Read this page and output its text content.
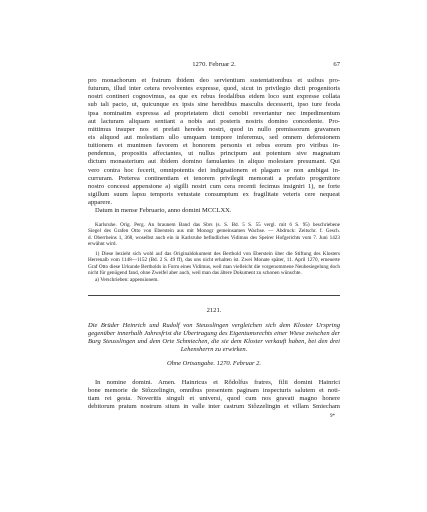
1270. Februar 2.	67
pro monachorum et fratrum ibidem deo servientium sustentationibus et usibus pro-
futurum, illud inter cetera revolventes expresse, quod, sicut in privilegio dicti progenitoris
nostri contineri cognovimus, ea que ex rebus feodalibus eidem loco sunt expresse collata
sub tali pacto, ut, quicunque ex ipsis sine heredibus masculis decesserit, ipso iure feoda
ipsa nominatim expressa ad proprietatem dicti cenobii revertantur nec impedimentum
aut lacturam aliquam sentiant a nobis aut posteris nostris domino concedente. Pro-
mittimus insuper nos et prefati heredes nostri, quod in nullo premissorum gravamen
eis aliquod aut molestiam ullo umquam tempore inferemus, sed omnem defensionem
tuitionem et munimen favorem et honorem personis et rebus eorum pro viribus in-
pendemus, propositis affectantes, ut nullus principum aut potentum sive magnatum
dictum monasterium aut ibidem domino famulantes in aliquo molestare presumant. Qui
vero contra hoc fecerit, omnipotentis dei indignationem et plagam se non ambigat in-
curruram. Preterea continentiam et tenorem privilegii memorati a prefato progenitore
nostro concessi appensione a) sigilli nostri cum cera recenti fecimus insigniri 1), ne forte
sigillum suum lapsu temporis vetustate consumptum ex fragilitate veteris cere nequeat
apparere.
Datum in mense Februario, anno domini MCCLXX.
Karlsruhe. Orig. Perg. An braunem Band das Sbrs (s. S. Bd. 5 S. 55 vergl. mit 6 S. 95) beschriebene
Siegel des Grafen Otto von Eberstein aus mit Monogr gemeinsamen Wachse. — Abdruck: Zeitschr. f. Gesch.
d. Oberrheins 1, 368, woselbst auch ein in Karlsruhe befindliches Vidimus des Speirer Hofgerichts vom 7. Juni 1423
erwähnt wird.
1) Diese bezieht sich wohl auf das Originaldokument des Berthold von Eberstein über die Stiftung des Klosters
Herrenalb vom 1148—1152 (Bd. 2 S. 49 ff), das uns nicht erhalten ist. Zwei Monate später, 11. April 1270, erneuerte
Graf Otto diese Urkunde Bertholds in Form eines Vidimus, weil man vielleicht die vorgenommene Neubesiegelung doch
nicht für genügend fand, ohne Zweifel aber auch, weil man das ältere Dokument zu schonen wünschte.
a) Verschrieben: appensionem.
2121.
Die Brüder Heinrich und Rudolf von Steusslingen vergleichen sich dem Kloster Urspring
gegenüber innerhalb Jahresfrist die Übertragung des Eigentumsrechts einer Wiese zwischen der
Burg Steusslingen und dem Orte Schmiechen, die sie dem Kloster verkauft haben, bei den drei
Lehensherrn zu erwirken.
Ohne Ortsangabe. 1270. Februar 2.
In nomine domini. Amen. Hainricus et Rŏdolfus fratres, filii domini Hainrici
bone memorie de Stôzzelingin, omnibus presentem paginam inspecturis salutem et noti-
tiam rei gesta. Noveritis singuli et universi, quod cum nos gravati magno honere
debitorum pratum nostrum situm in valle inter castrum Stôzzelingin et villam Smiecham
9*
